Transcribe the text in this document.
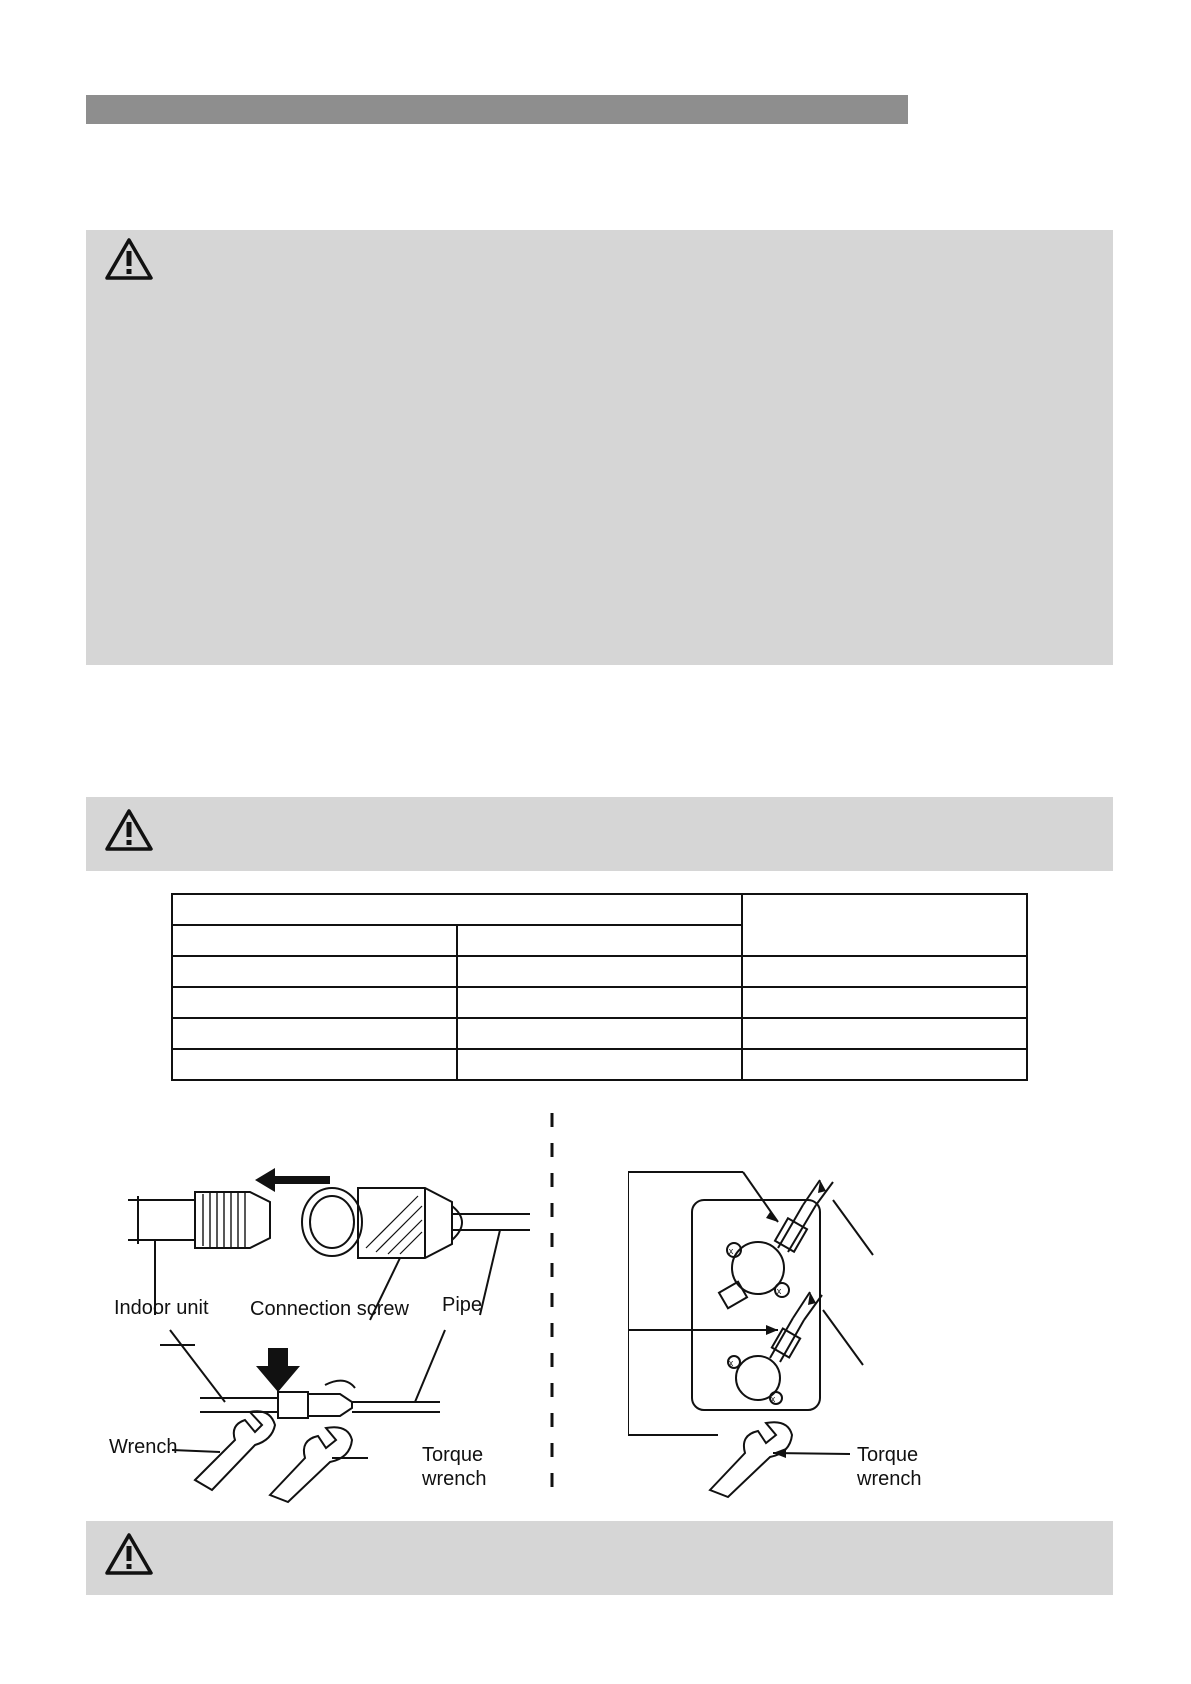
Indoor unit Connection screw Pipe
Wrench	Torque
wrench
x
x
x
x
Torque
wrench
